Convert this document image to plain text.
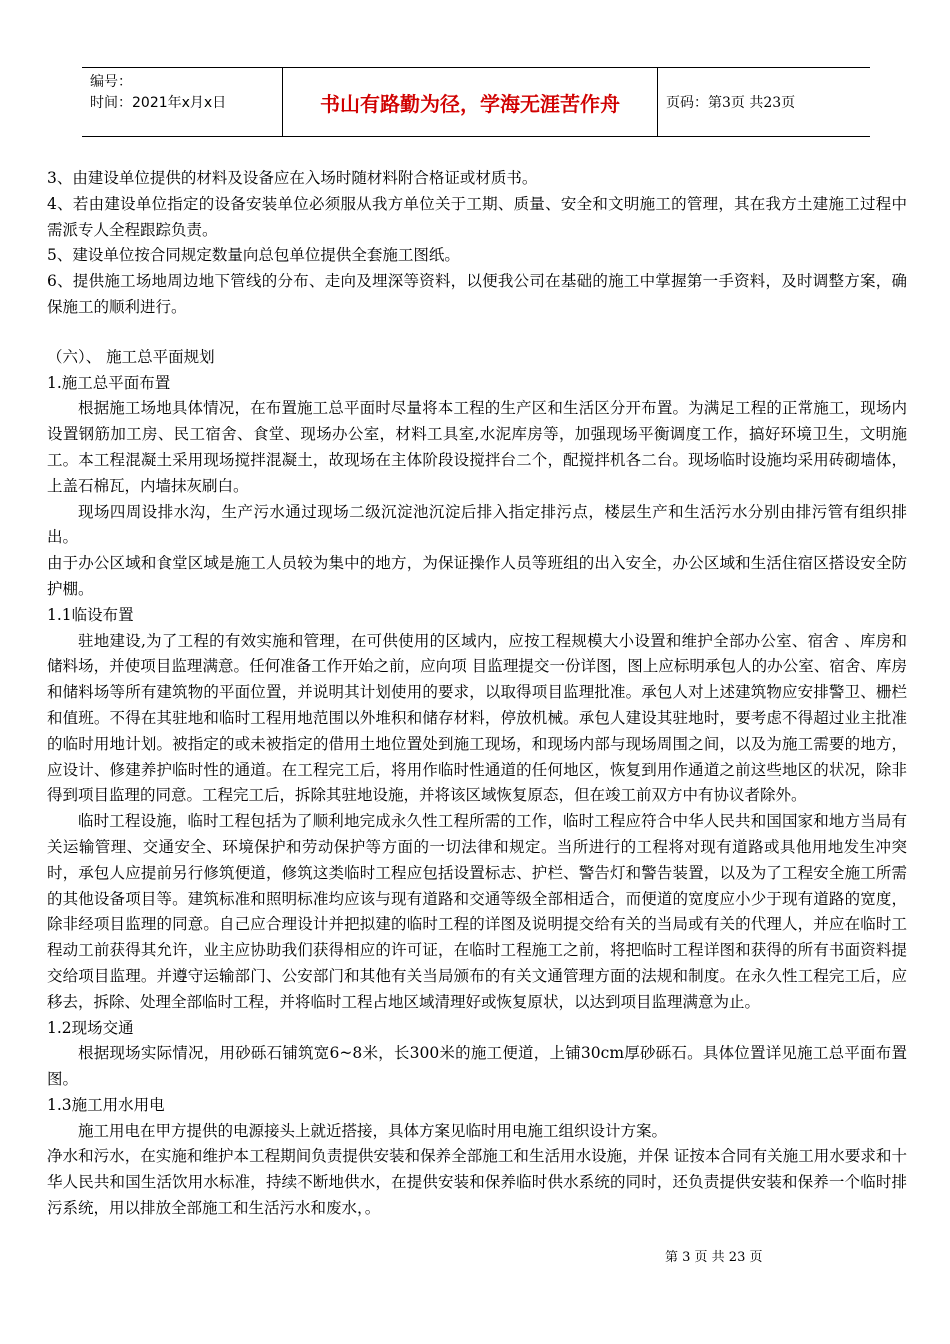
编号：
时间：2021年x月x日	书山有路勤为径，学海无涯苦作舟	页码：第3页 共23页

3、由建设单位提供的材料及设备应在入场时随材料附合格证或材质书。

4、若由建设单位指定的设备安装单位必须服从我方单位关于工期、质量、安全和文明施工的管理，其在我方土建施工过程中需派专人全程跟踪负责。

5、建设单位按合同规定数量向总包单位提供全套施工图纸。

6、提供施工场地周边地下管线的分布、走向及埋深等资料，以便我公司在基础的施工中掌握第一手资料，及时调整方案，确保施工的顺利进行。

（六）、 施工总平面规划

1.施工总平面布置

根据施工场地具体情况，在布置施工总平面时尽量将本工程的生产区和生活区分开布置。为满足工程的正常施工，现场内设置钢筋加工房、民工宿舍、食堂、现场办公室，材料工具室,水泥库房等，加强现场平衡调度工作，搞好环境卫生，文明施工。本工程混凝土采用现场搅拌混凝土，故现场在主体阶段设搅拌台二个，配搅拌机各二台。现场临时设施均采用砖砌墙体，上盖石棉瓦，内墙抹灰刷白。

现场四周设排水沟，生产污水通过现场二级沉淀池沉淀后排入指定排污点，楼层生产和生活污水分别由排污管有组织排出。

由于办公区域和食堂区域是施工人员较为集中的地方，为保证操作人员等班组的出入安全，办公区域和生活住宿区搭设安全防护棚。

1.1临设布置

驻地建设,为了工程的有效实施和管理，在可供使用的区域内，应按工程规模大小设置和维护全部办公室、宿舍 、库房和储料场，并使项目监理满意。任何准备工作开始之前，应向项 目监理提交一份详图，图上应标明承包人的办公室、宿舍、库房和储料场等所有建筑物的平面位置，并说明其计划使用的要求，以取得项目监理批准。承包人对上述建筑物应安排警卫、栅栏和值班。不得在其驻地和临时工程用地范围以外堆积和储存材料，停放机械。承包人建设其驻地时，要考虑不得超过业主批准的临时用地计划。被指定的或未被指定的借用土地位置处到施工现场，和现场内部与现场周围之间，以及为施工需要的地方，应设计、修建养护临时性的通道。在工程完工后，将用作临时性通道的任何地区，恢复到用作通道之前这些地区的状况，除非得到项目监理的同意。工程完工后，拆除其驻地设施，并将该区域恢复原态，但在竣工前双方中有协议者除外。

临时工程设施，临时工程包括为了顺利地完成永久性工程所需的工作，临时工程应符合中华人民共和国国家和地方当局有关运输管理、交通安全、环境保护和劳动保护等方面的一切法律和规定。当所进行的工程将对现有道路或具他用地发生冲突时，承包人应提前另行修筑便道，修筑这类临时工程应包括设置标志、护栏、警告灯和警告装置，以及为了工程安全施工所需的其他设备项目等。建筑标准和照明标准均应该与现有道路和交通等级全部相适合，而便道的宽度应小少于现有道路的宽度，除非经项目监理的同意。自己应合理设计并把拟建的临时工程的详图及说明提交给有关的当局或有关的代理人，并应在临时工程动工前获得其允许，业主应协助我们获得相应的许可证，在临时工程施工之前，将把临时工程详图和获得的所有书面资料提交给项目监理。并遵守运输部门、公安部门和其他有关当局颁布的有关文通管理方面的法规和制度。在永久性工程完工后，应移去，拆除、处理全部临时工程，并将临时工程占地区域清理好或恢复原状，以达到项目监理满意为止。

1.2现场交通

根据现场实际情况，用砂砾石铺筑宽6~8米，长300米的施工便道，上铺30cm厚砂砾石。具体位置详见施工总平面布置图。

1.3施工用水用电

施工用电在甲方提供的电源接头上就近搭接，具体方案见临时用电施工组织设计方案。

净水和污水，在实施和维护本工程期间负责提供安装和保养全部施工和生活用水设施，并保 证按本合同有关施工用水要求和十华人民共和国生活饮用水标准，持续不断地供水，在提供安装和保养临时供水系统的同时，还负责提供安装和保养一个临时排污系统，用以排放全部施工和生活污水和废水，。

第 3 页 共 23 页
